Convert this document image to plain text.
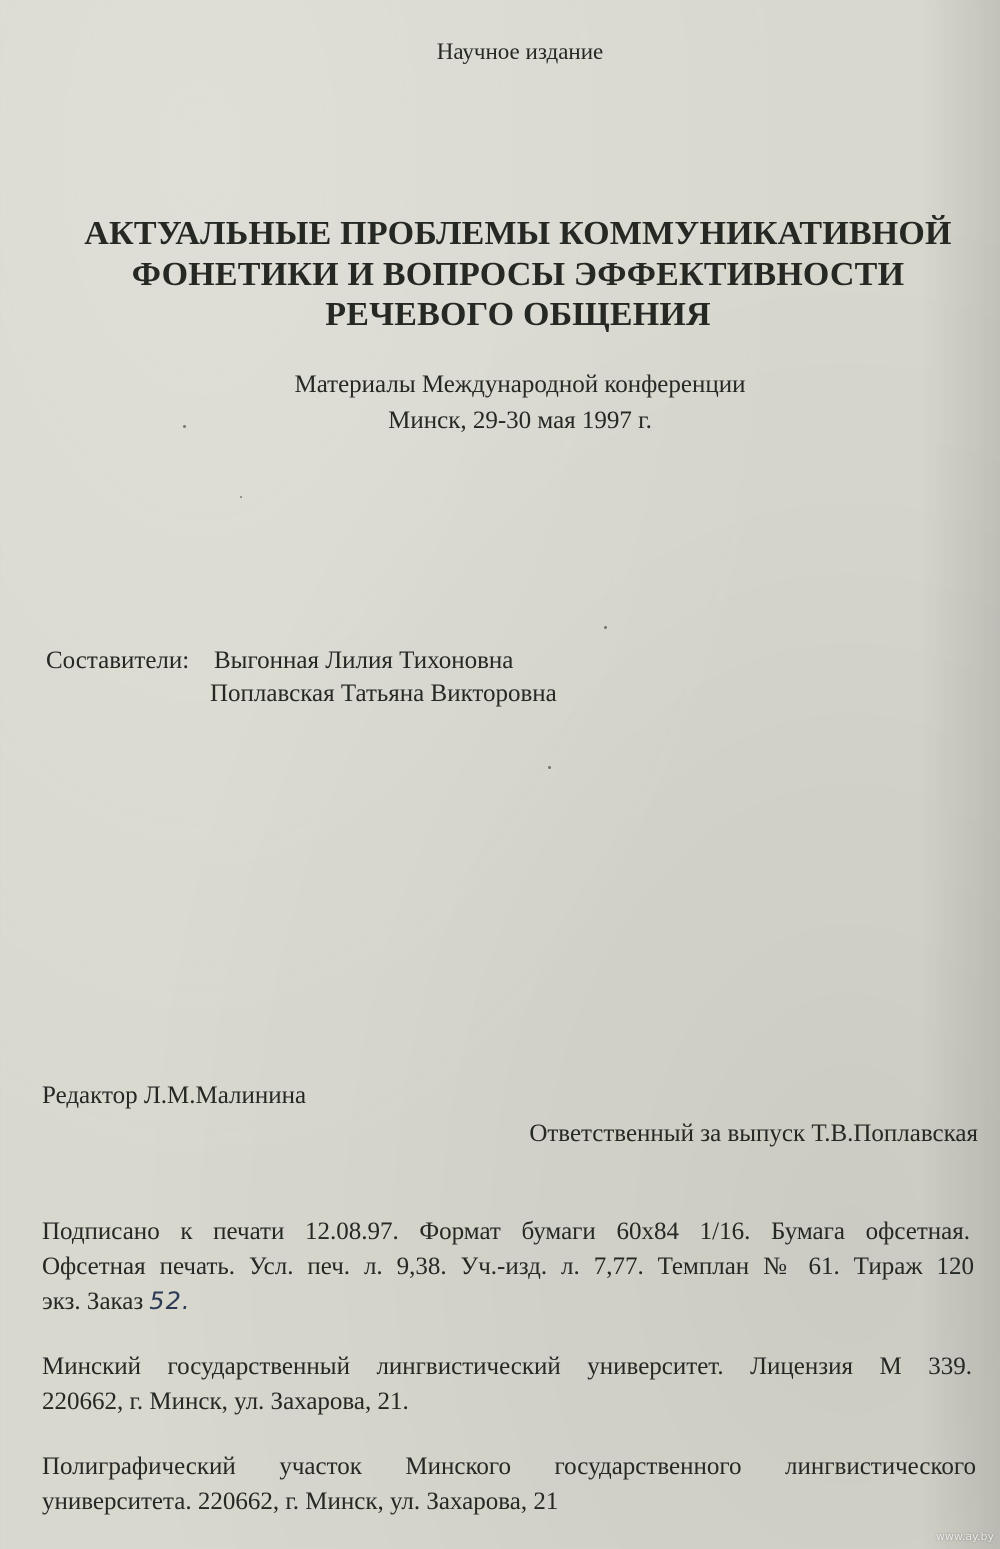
Научное издание
АКТУАЛЬНЫЕ ПРОБЛЕМЫ КОММУНИКАТИВНОЙ
ФОНЕТИКИ И ВОПРОСЫ ЭФФЕКТИВНОСТИ
РЕЧЕВОГО ОБЩЕНИЯ
Материалы Международной конференции
Минск, 29-30 мая 1997 г.
Составители: Выгонная Лилия Тихоновна
Поплавская Татьяна Викторовна
Редактор Л.М.Малинина
Ответственный за выпуск Т.В.Поплавская
Подписано к печати 12.08.97. Формат бумаги 60x84 1/16. Бумага офсетная.
Офсетная печать. Усл. печ. л. 9,38. Уч.-изд. л. 7,77. Темплан № 61. Тираж 120
экз. Заказ 52.
Минский государственный лингвистический университет. Лицензия М 339.
220662, г. Минск, ул. Захарова, 21.
Полиграфический участок Минского государственного лингвистического
университета. 220662, г. Минск, ул. Захарова, 21
www.ay.by
